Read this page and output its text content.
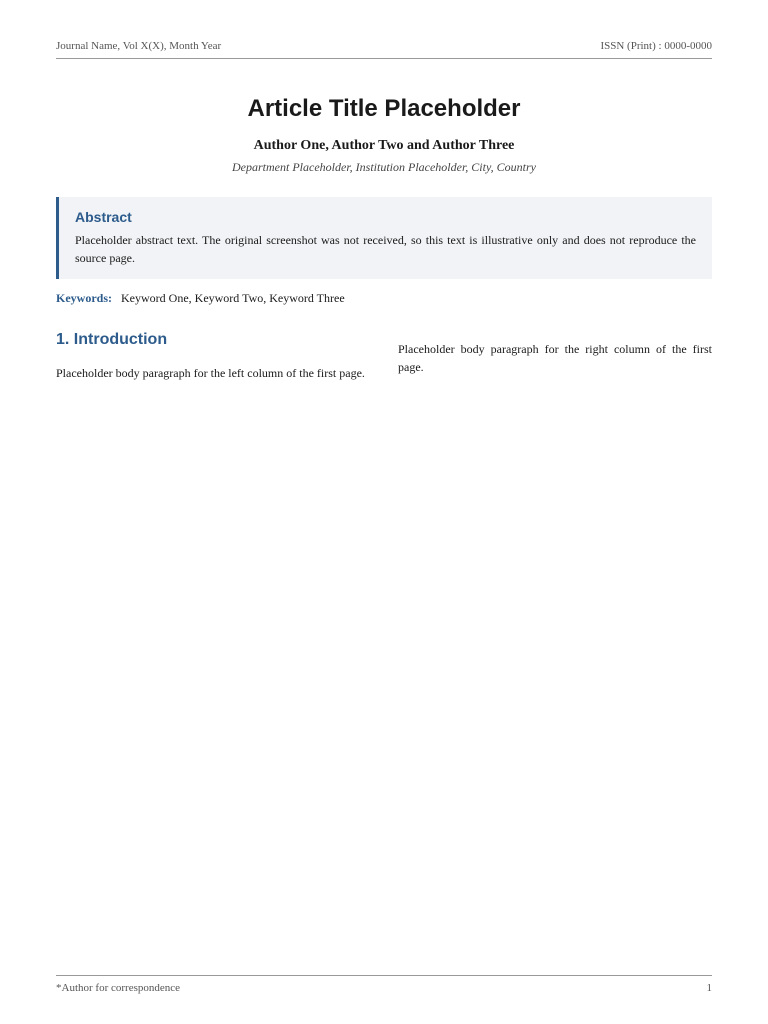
Journal Name, Vol X(X), Month Year	ISSN (Print) : 0000-0000
Article Title Placeholder
Author One, Author Two and Author Three
Department Placeholder, Institution Placeholder, City, Country
Abstract
Placeholder abstract text. The original screenshot was not received, so this text is illustrative only and does not reproduce the source page.
Keywords: Keyword One, Keyword Two, Keyword Three
1. Introduction

Placeholder body paragraph for the left column of the first page.

Placeholder body paragraph for the right column of the first page.

*Author for correspondence	1
